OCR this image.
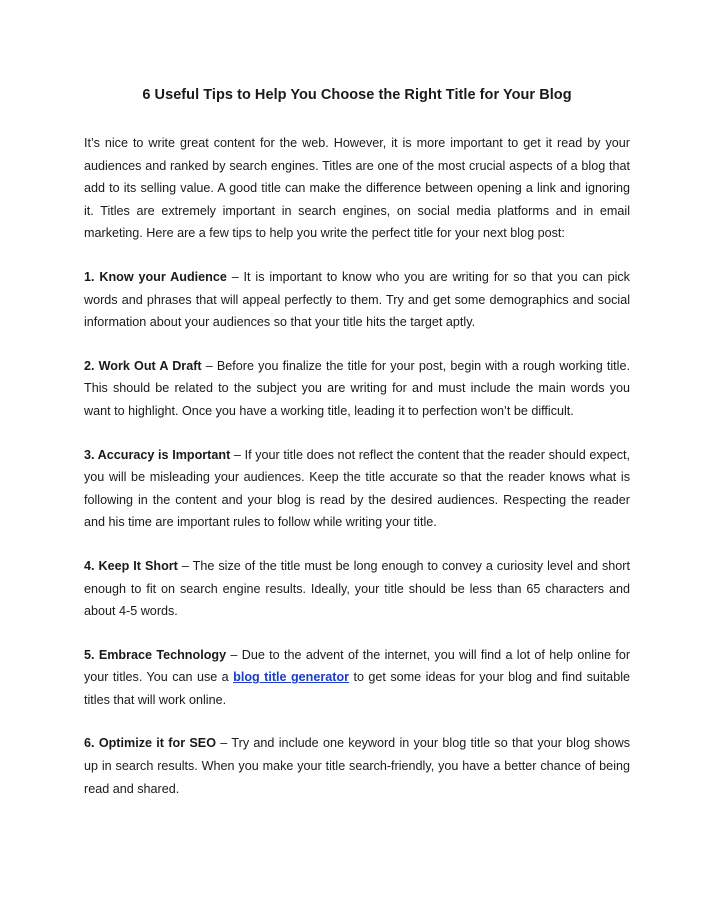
6 Useful Tips to Help You Choose the Right Title for Your Blog

It’s nice to write great content for the web. However, it is more important to get it read by your audiences and ranked by search engines. Titles are one of the most crucial aspects of a blog that add to its selling value. A good title can make the difference between opening a link and ignoring it. Titles are extremely important in search engines, on social media platforms and in email marketing. Here are a few tips to help you write the perfect title for your next blog post:

1. Know your Audience – It is important to know who you are writing for so that you can pick words and phrases that will appeal perfectly to them. Try and get some demographics and social information about your audiences so that your title hits the target aptly.

2. Work Out A Draft – Before you finalize the title for your post, begin with a rough working title. This should be related to the subject you are writing for and must include the main words you want to highlight. Once you have a working title, leading it to perfection won’t be difficult.

3. Accuracy is Important – If your title does not reflect the content that the reader should expect, you will be misleading your audiences. Keep the title accurate so that the reader knows what is following in the content and your blog is read by the desired audiences. Respecting the reader and his time are important rules to follow while writing your title.

4. Keep It Short – The size of the title must be long enough to convey a curiosity level and short enough to fit on search engine results. Ideally, your title should be less than 65 characters and about 4-5 words.

5. Embrace Technology – Due to the advent of the internet, you will find a lot of help online for your titles. You can use a blog title generator to get some ideas for your blog and find suitable titles that will work online.

6. Optimize it for SEO – Try and include one keyword in your blog title so that your blog shows up in search results. When you make your title search-friendly, you have a better chance of being read and shared.
